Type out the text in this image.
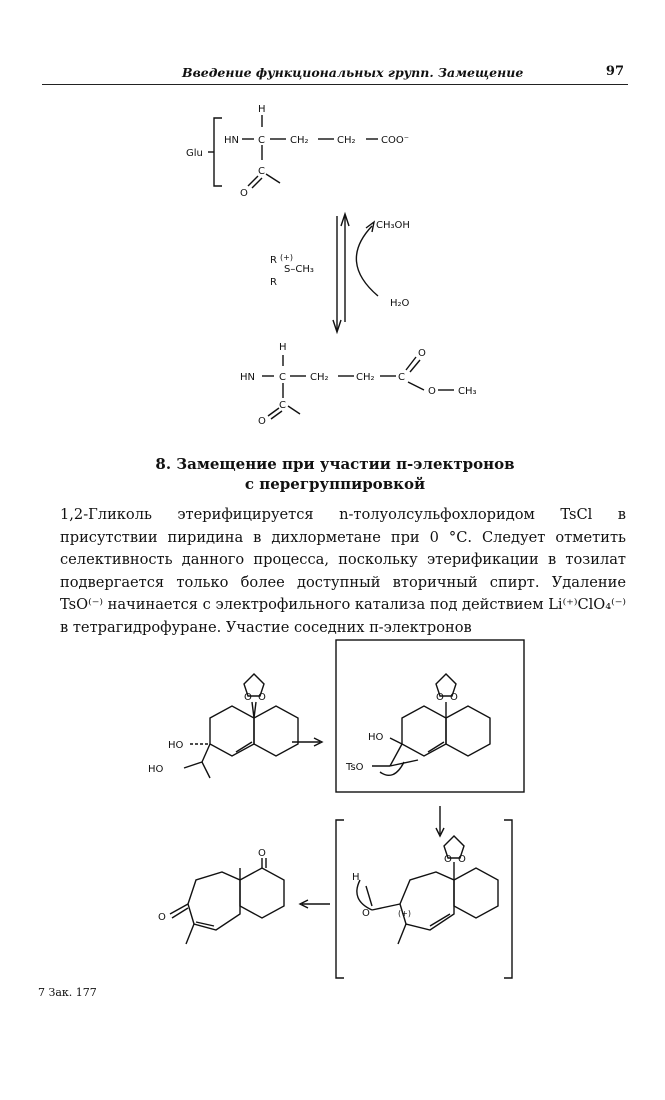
Введение функциональных групп. Замещение	97
Glu
H
HN C	CH₂	CH₂	COO⁻
C
O
CH₃OH
H₂O
R (+)
S–CH₃
R
H
HN C CH₂	CH₂ C
O
O CH₃
C
O
8. Замещение при участии π-электронов
с перегруппировкой

1,2-Гликоль этерифицируется n-толуолсульфохлоридом TsCl в присутствии пиридина в дихлорметане при 0 °С. Следует отметить селективность данного процесса, поскольку этерификации в тозилат подвергается только более доступный вторичный спирт. Удаление TsO⁽⁻⁾ начинается с электрофильного катализа под действием Li⁽⁺⁾ClO₄⁽⁻⁾ в тетрагидрофуране. Участие соседних π-электронов

O O
HO
HO
O O
HO
TsO
O O
H
O	(+)
O
O
7 Зак. 177
